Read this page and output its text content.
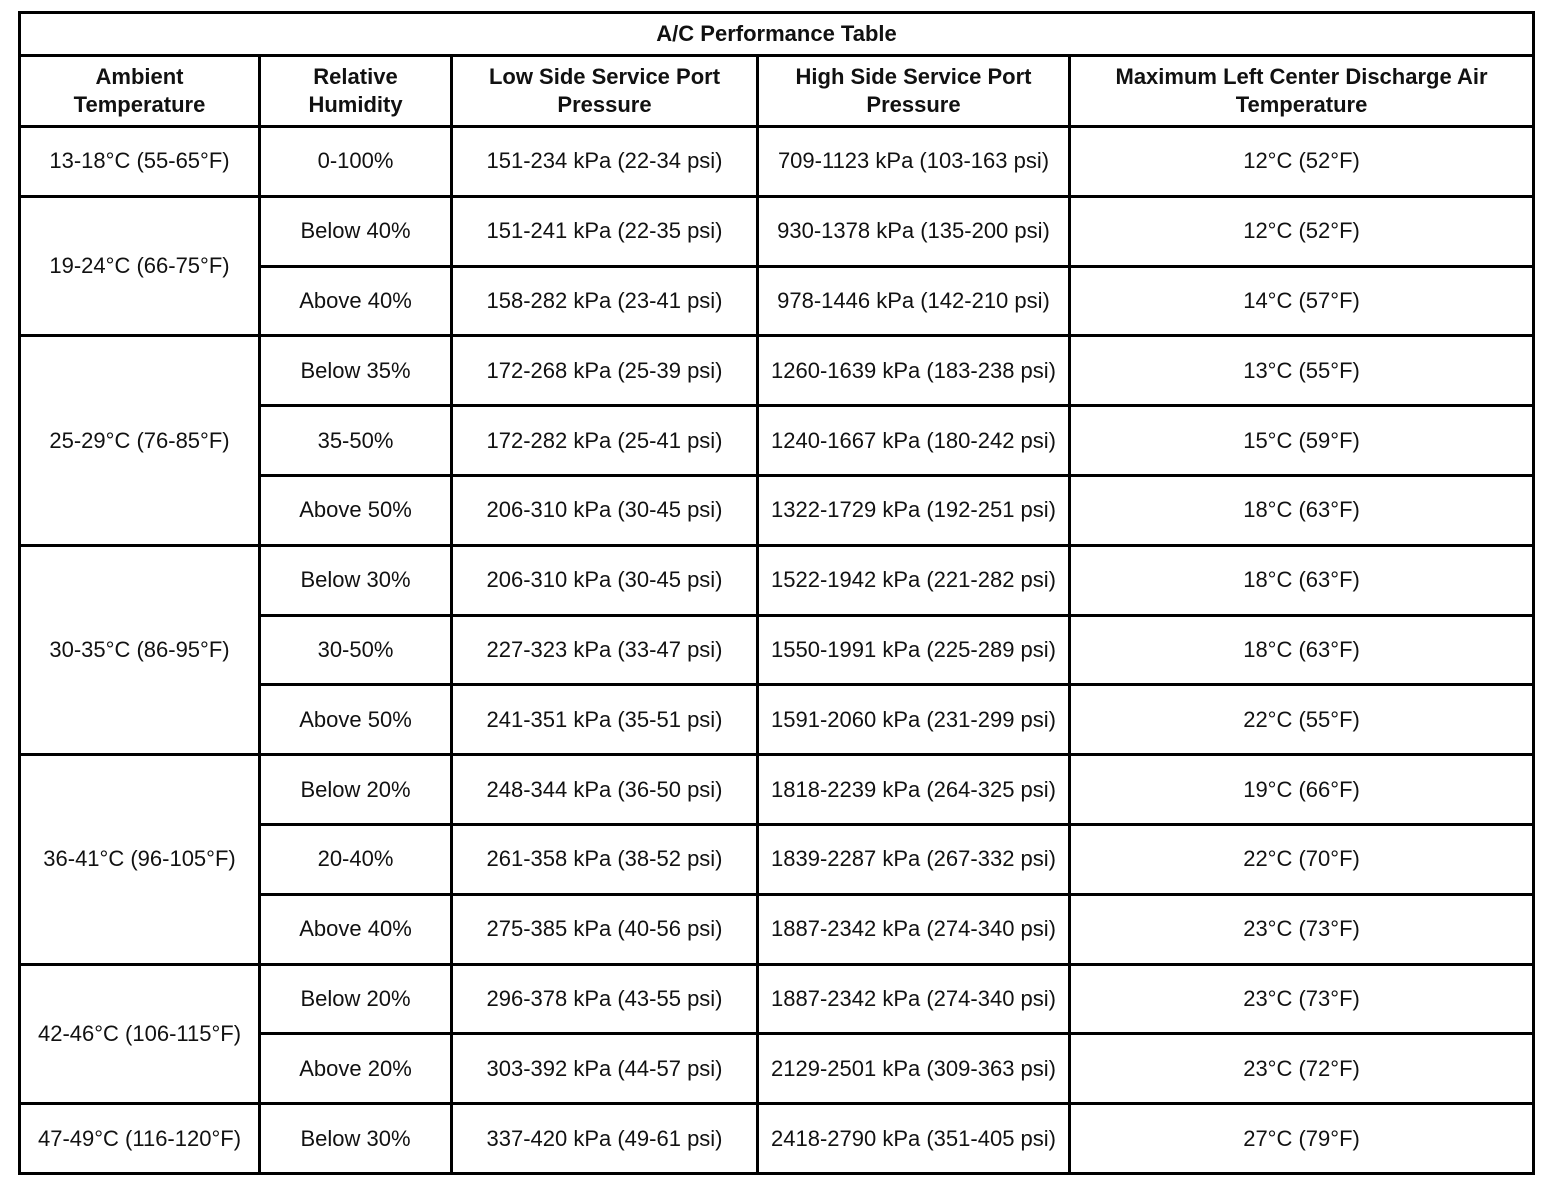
A/C Performance Table				
Ambient Temperature	Relative Humidity	Low Side Service Port Pressure	High Side Service Port Pressure	Maximum Left Center Discharge Air Temperature
13-18°C (55-65°F)	0-100%	151-234 kPa (22-34 psi)	709-1123 kPa (103-163 psi)	12°C (52°F)
19-24°C (66-75°F)	Below 40%	151-241 kPa (22-35 psi)	930-1378 kPa (135-200 psi)	12°C (52°F)
	Above 40%	158-282 kPa (23-41 psi)	978-1446 kPa (142-210 psi)	14°C (57°F)
25-29°C (76-85°F)	Below 35%	172-268 kPa (25-39 psi)	1260-1639 kPa (183-238 psi)	13°C (55°F)
	35-50%	172-282 kPa (25-41 psi)	1240-1667 kPa (180-242 psi)	15°C (59°F)
	Above 50%	206-310 kPa (30-45 psi)	1322-1729 kPa (192-251 psi)	18°C (63°F)
30-35°C (86-95°F)	Below 30%	206-310 kPa (30-45 psi)	1522-1942 kPa (221-282 psi)	18°C (63°F)
	30-50%	227-323 kPa (33-47 psi)	1550-1991 kPa (225-289 psi)	18°C (63°F)
	Above 50%	241-351 kPa (35-51 psi)	1591-2060 kPa (231-299 psi)	22°C (55°F)
36-41°C (96-105°F)	Below 20%	248-344 kPa (36-50 psi)	1818-2239 kPa (264-325 psi)	19°C (66°F)
	20-40%	261-358 kPa (38-52 psi)	1839-2287 kPa (267-332 psi)	22°C (70°F)
	Above 40%	275-385 kPa (40-56 psi)	1887-2342 kPa (274-340 psi)	23°C (73°F)
42-46°C (106-115°F)	Below 20%	296-378 kPa (43-55 psi)	1887-2342 kPa (274-340 psi)	23°C (73°F)
	Above 20%	303-392 kPa (44-57 psi)	2129-2501 kPa (309-363 psi)	23°C (72°F)
47-49°C (116-120°F)	Below 30%	337-420 kPa (49-61 psi)	2418-2790 kPa (351-405 psi)	27°C (79°F)
